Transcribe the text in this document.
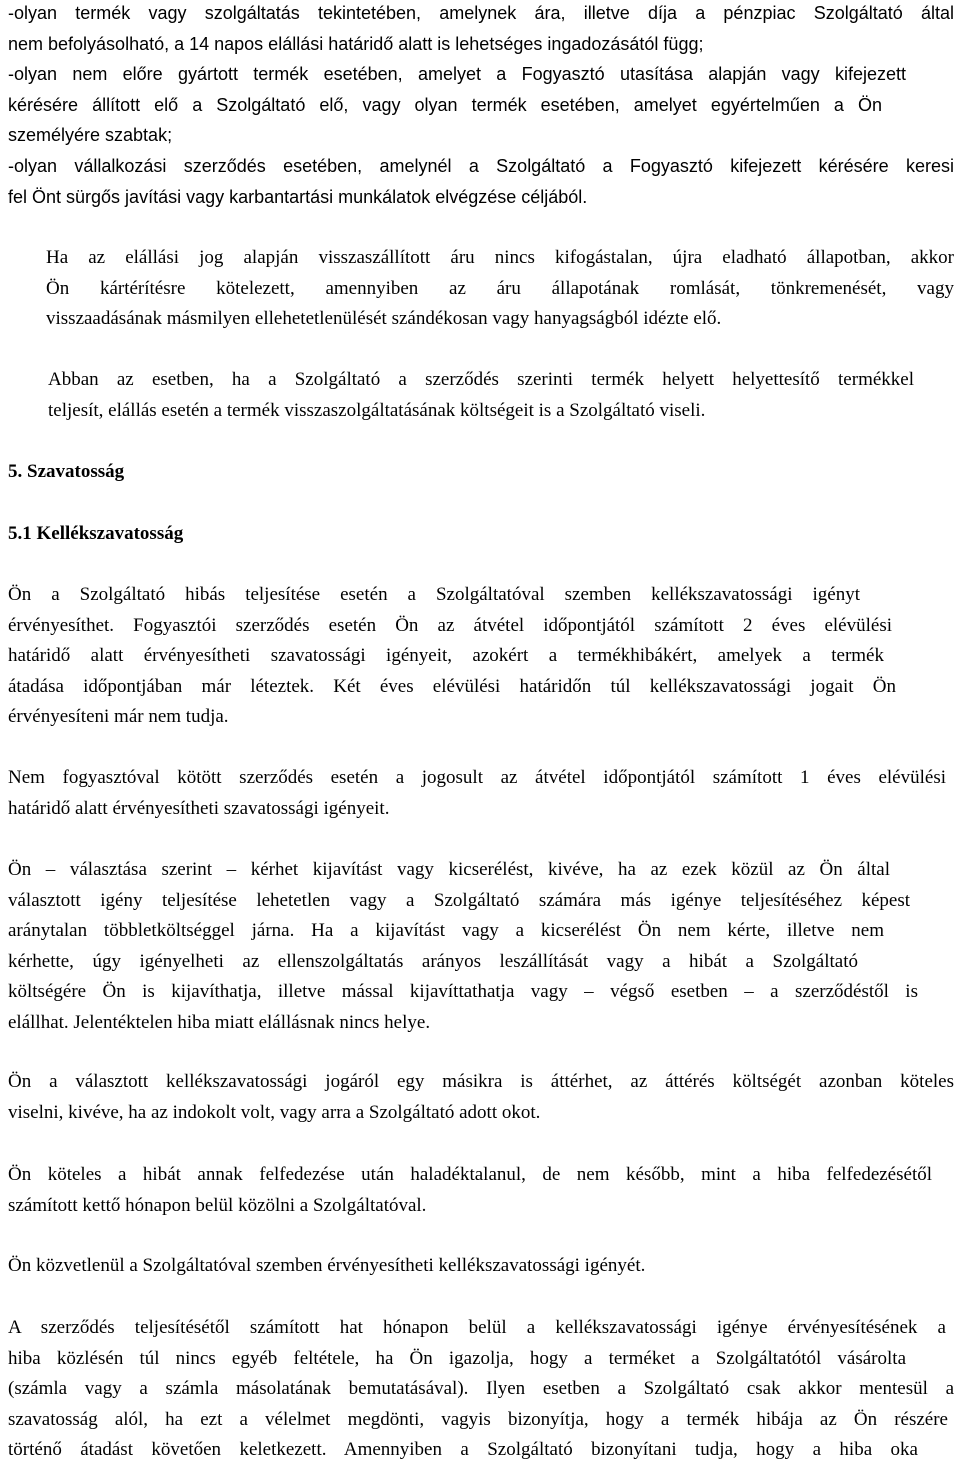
-olyan termék vagy szolgáltatás tekintetében, amelynek ára, illetve díja a pénzpiac Szolgáltató által
nem befolyásolható, a 14 napos elállási határidő alatt is lehetséges ingadozásától függ;
-olyan nem előre gyártott termék esetében, amelyet a Fogyasztó utasítása alapján vagy kifejezett
kérésére állított elő a Szolgáltató elő, vagy olyan termék esetében, amelyet egyértelműen a Ön
személyére szabtak;
-olyan vállalkozási szerződés esetében, amelynél a Szolgáltató a Fogyasztó kifejezett kérésére keresi
fel Önt sürgős javítási vagy karbantartási munkálatok elvégzése céljából.
Ha az elállási jog alapján visszaszállított áru nincs kifogástalan, újra eladható állapotban, akkor
Ön kártérítésre kötelezett, amennyiben az áru állapotának romlását, tönkremenését, vagy
visszaadásának másmilyen ellehetetlenülését szándékosan vagy hanyagságból idézte elő.
Abban az esetben, ha a Szolgáltató a szerződés szerinti termék helyett helyettesítő termékkel
teljesít, elállás esetén a termék visszaszolgáltatásának költségeit is a Szolgáltató viseli.
5. Szavatosság
5.1 Kellékszavatosság
Ön a Szolgáltató hibás teljesítése esetén a Szolgáltatóval szemben kellékszavatossági igényt
érvényesíthet. Fogyasztói szerződés esetén Ön az átvétel időpontjától számított 2 éves elévülési
határidő alatt érvényesítheti szavatossági igényeit, azokért a termékhibákért, amelyek a termék
átadása időpontjában már léteztek. Két éves elévülési határidőn túl kellékszavatossági jogait Ön
érvényesíteni már nem tudja.
Nem fogyasztóval kötött szerződés esetén a jogosult az átvétel időpontjától számított 1 éves elévülési
határidő alatt érvényesítheti szavatossági igényeit.
Ön – választása szerint – kérhet kijavítást vagy kicserélést, kivéve, ha az ezek közül az Ön által
választott igény teljesítése lehetetlen vagy a Szolgáltató számára más igénye teljesítéséhez képest
aránytalan többletköltséggel járna. Ha a kijavítást vagy a kicserélést Ön nem kérte, illetve nem
kérhette, úgy igényelheti az ellenszolgáltatás arányos leszállítását vagy a hibát a Szolgáltató
költségére Ön is kijavíthatja, illetve mással kijavíttathatja vagy – végső esetben – a szerződéstől is
elállhat. Jelentéktelen hiba miatt elállásnak nincs helye.
Ön a választott kellékszavatossági jogáról egy másikra is áttérhet, az áttérés költségét azonban köteles
viselni, kivéve, ha az indokolt volt, vagy arra a Szolgáltató adott okot.
Ön köteles a hibát annak felfedezése után haladéktalanul, de nem később, mint a hiba felfedezésétől
számított kettő hónapon belül közölni a Szolgáltatóval.
Ön közvetlenül a Szolgáltatóval szemben érvényesítheti kellékszavatossági igényét.
A szerződés teljesítésétől számított hat hónapon belül a kellékszavatossági igénye érvényesítésének a
hiba közlésén túl nincs egyéb feltétele, ha Ön igazolja, hogy a terméket a Szolgáltatótól vásárolta
(számla vagy a számla másolatának bemutatásával). Ilyen esetben a Szolgáltató csak akkor mentesül a
szavatosság alól, ha ezt a vélelmet megdönti, vagyis bizonyítja, hogy a termék hibája az Ön részére
történő átadást követően keletkezett. Amennyiben a Szolgáltató bizonyítani tudja, hogy a hiba oka
